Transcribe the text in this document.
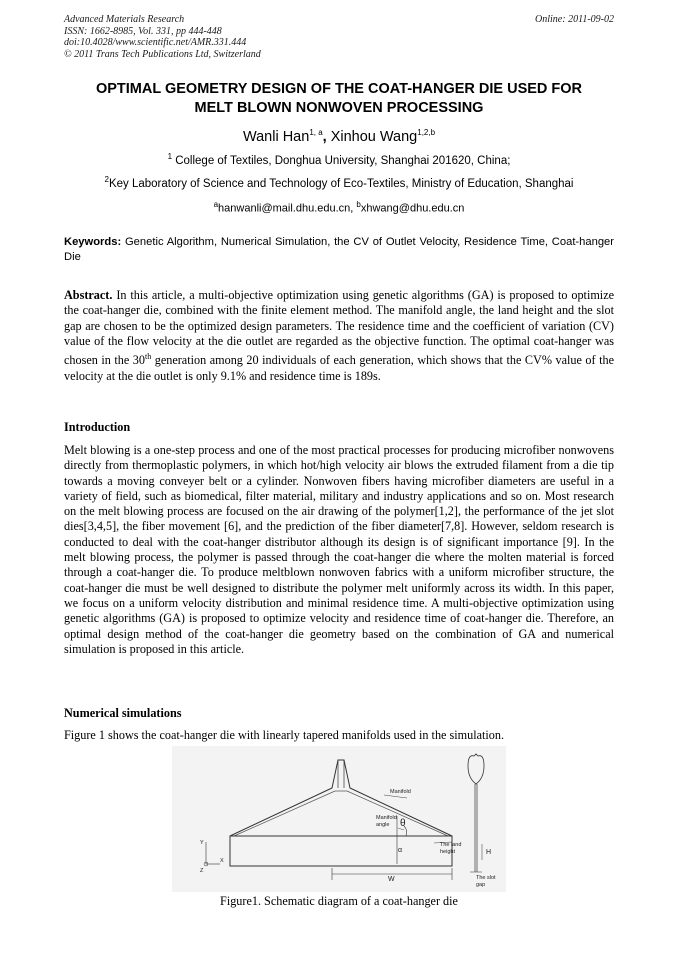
Advanced Materials Research
ISSN: 1662-8985, Vol. 331, pp 444-448
doi:10.4028/www.scientific.net/AMR.331.444
© 2011 Trans Tech Publications Ltd, Switzerland
Online: 2011-09-02
OPTIMAL GEOMETRY DESIGN OF THE COAT-HANGER DIE USED FOR
MELT BLOWN NONWOVEN PROCESSING
Wanli Han$^{1, a}$, Xinhou Wang$^{1,2,b}$
$^1$ College of Textiles, Donghua University, Shanghai 201620, China;
$^2$Key Laboratory of Science and Technology of Eco-Textiles, Ministry of Education, Shanghai
$^a$hanwanli@mail.dhu.edu.cn, $^b$xhwang@dhu.edu.cn
Keywords: Genetic Algorithm, Numerical Simulation, the CV of Outlet Velocity, Residence Time, Coat-hanger Die
Abstract. In this article, a multi-objective optimization using genetic algorithms (GA) is proposed to optimize the coat-hanger die, combined with the finite element method. The manifold angle, the land height and the slot gap are chosen to be the optimized design parameters. The residence time and the coefficient of variation (CV) value of the flow velocity at the die outlet are regarded as the objective function. The optimal coat-hanger was chosen in the 30th generation among 20 individuals of each generation, which shows that the CV% value of the velocity at the die outlet is only 9.1% and residence time is 189s.
Introduction
Melt blowing is a one-step process and one of the most practical processes for producing microfiber nonwovens directly from thermoplastic polymers, in which hot/high velocity air blows the extruded filament from a die tip towards a moving conveyer belt or a cylinder. Nonwoven fibers having microfiber diameters are useful in a variety of field, such as biomedical, filter material, military and industry applications and so on. Most research on the melt blowing process are focused on the air drawing of the polymer[1,2], the performance of the jet slot dies[3,4,5], the fiber movement [6], and the prediction of the fiber diameter[7,8]. However, seldom research is conducted to deal with the coat-hanger distributor although its design is of significant importance [9]. In the melt blowing process, the polymer is passed through the coat-hanger die where the molten material is forced through a coat-hanger die. To produce meltblown nonwoven fabrics with a uniform microfiber structure, the coat-hanger die must be well designed to distribute the polymer melt uniformly across its width. In this paper, we focus on a uniform velocity distribution and minimal residence time. A multi-objective optimization using genetic algorithms (GA) is proposed to optimize velocity and residence time of coat-hanger die. Therefore, an optimal design method of the coat-hanger die geometry based on the combination of GA and numerical simulation is proposed in this article.
Numerical simulations
Figure 1 shows the coat-hanger die with linearly tapered manifolds used in the simulation.
Manifold
Manifold
angle θ
α
The land
height
W
H
The slot
gap
Y
X
Z
Figure1. Schematic diagram of a coat-hanger die
